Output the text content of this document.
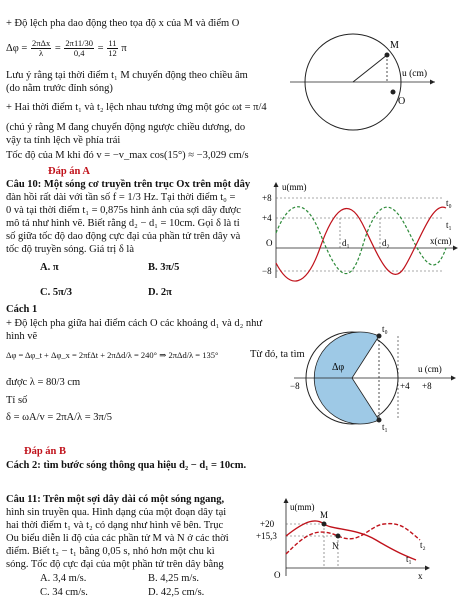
+ Độ lệch pha dao động theo tọa độ x của M và điểm O
$\Delta\varphi = \frac{\text{2πΔx}}{\lambda} = \frac{2\pi 11/30}{0,4} = \frac{11}{12}$ π
Lưu ý rằng tại thời điểm t₁ M chuyển động theo chiều âm
(do nằm trước đỉnh sóng)
+ Hai thời điểm t₁ và t₂ lệch nhau tương ứng một góc ωt = π/4
(chú ý rằng M đang chuyển động ngược chiều dương, do
vậy ta tính lệch về phía trái
Tốc độ của M khi đó v = −v_max cos(15°) ≈ −3,029 cm/s
Đáp án A
M
u (cm)
O
Câu 10: Một sóng cơ truyền trên trục Ox trên một dây
đàn hồi rất dài với tần số f = 1/3 Hz. Tại thời điểm t₀ =
0 và tại thời điểm t₁ = 0,875s hình ảnh của sợi dây được
mô tả như hình vẽ. Biết rằng d₂ − d₁ = 10cm. Gọi δ là tỉ
số giữa tốc độ dao động cực đại của phần tử trên dây và
tốc độ truyền sóng. Giá trị δ là
A. π	B. 3π/5
C. 5π/3	D. 2π
u(mm)
+8
+4
O
−8
t₀
t₁
d₁	d₂	x(cm)
Cách 1
+ Độ lệch pha giữa hai điểm cách O các khoảng d₁ và d₂ như
hình vẽ
Δφ = Δφ_t + Δφ_x = 2πfΔt + 2πΔd/λ = 240° ⇒ 2πΔd/λ = 135°	Từ đó, ta tìm
được λ = 80/3 cm
Tỉ số
δ = ωA/v = 2πA/λ = 3π/5
Đáp án B
t₀
t₁
Δφ	u (cm)
−8	+4 +8
Cách 2: tìm bước sóng thông qua hiệu d₂ − d₁ = 10cm.
Câu 11: Trên một sợi dây dài có một sóng ngang,
hình sin truyền qua. Hình dạng của một đoạn dây tại
hai thời điểm t₁ và t₂ có dạng như hình vẽ bên. Trục
Ou biểu diễn li độ của các phần tử M và N ở các thời
điểm. Biết t₂ − t₁ bằng 0,05 s, nhỏ hơn một chu kì
sóng. Tốc độ cực đại của một phần tử trên dây bằng
A. 3,4 m/s.	B. 4,25 m/s.
C. 34 cm/s.	D. 42,5 cm/s.
u(mm)
+20
+15,3
M
N	t₂
t₁
O	x
